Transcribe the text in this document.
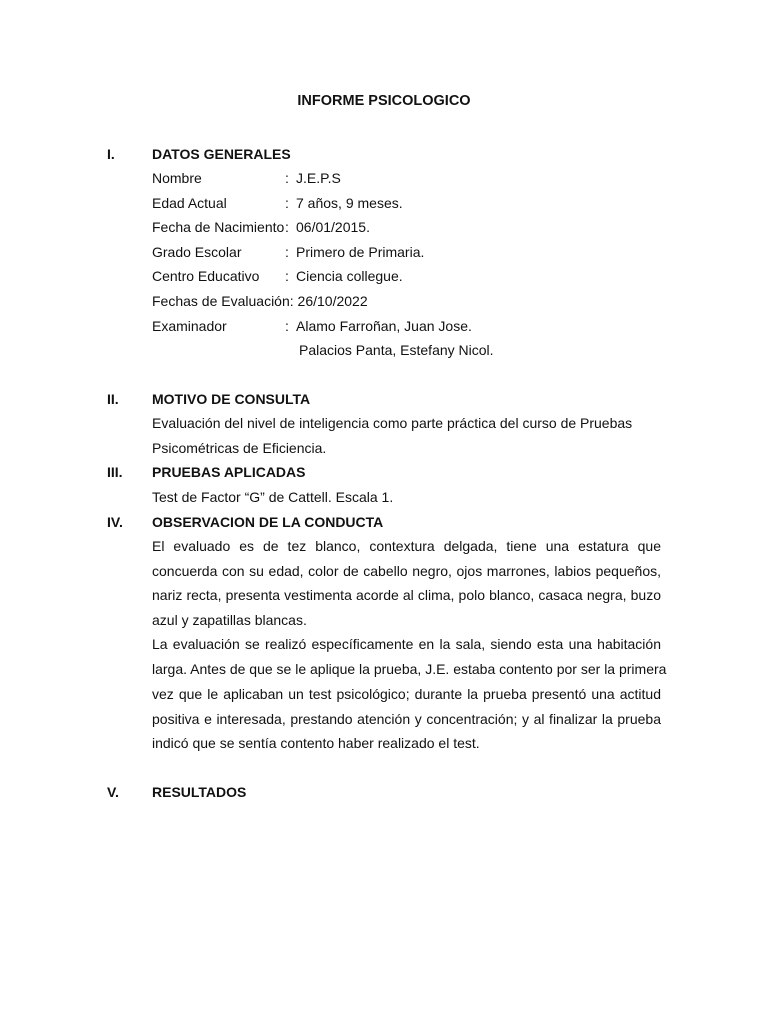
INFORME PSICOLOGICO
I.	DATOS GENERALES
Nombre	: J.E.P.S
Edad Actual	: 7 años, 9 meses.
Fecha de Nacimiento : 06/01/2015.
Grado Escolar	: Primero de Primaria.
Centro Educativo : Ciencia collegue.
Fechas de Evaluación: 26/10/2022
Examinador	: Alamo Farroñan, Juan Jose.
Palacios Panta, Estefany Nicol.
II. MOTIVO DE CONSULTA
Evaluación del nivel de inteligencia como parte práctica del curso de Pruebas
Psicométricas de Eficiencia.
III. PRUEBAS APLICADAS
Test de Factor “G” de Cattell. Escala 1.
IV. OBSERVACION DE LA CONDUCTA
El evaluado es de tez blanco, contextura delgada, tiene una estatura que
concuerda con su edad, color de cabello negro, ojos marrones, labios pequeños,
nariz recta, presenta vestimenta acorde al clima, polo blanco, casaca negra, buzo
azul y zapatillas blancas.
La evaluación se realizó específicamente en la sala, siendo esta una habitación
larga. Antes de que se le aplique la prueba, J.E. estaba contento por ser la primera
vez que le aplicaban un test psicológico; durante la prueba presentó una actitud
positiva e interesada, prestando atención y concentración; y al finalizar la prueba
indicó que se sentía contento haber realizado el test.
V. RESULTADOS
